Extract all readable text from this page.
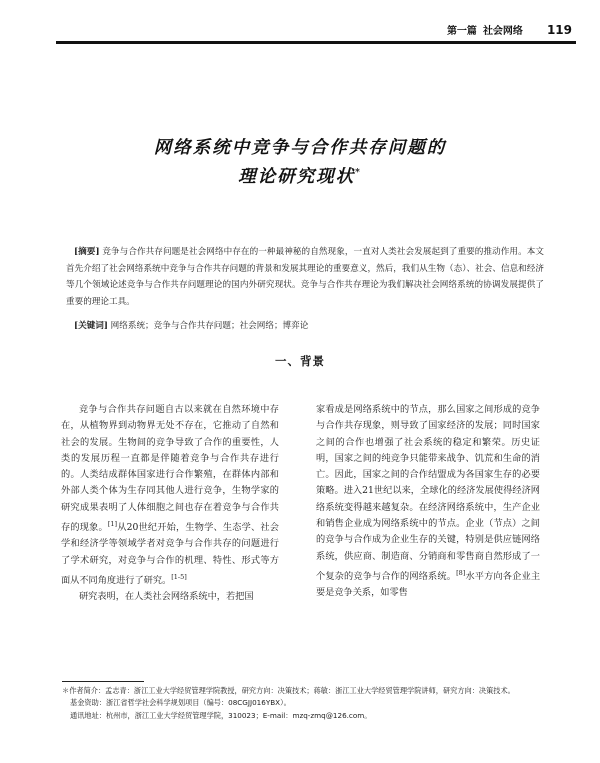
第一篇 社会网络 119
网络系统中竞争与合作共存问题的
理论研究现状*
[摘要] 竞争与合作共存问题是社会网络中存在的一种最神秘的自然现象，一直对人类社会发展起到了重要的推动作用。本文首先介绍了社会网络系统中竞争与合作共存问题的背景和发展其理论的重要意义，然后，我们从生物（态）、社会、信息和经济等几个领域论述竞争与合作共存问题理论的国内外研究现状。竞争与合作共存理论为我们解决社会网络系统的协调发展提供了重要的理论工具。
[关键词] 网络系统；竞争与合作共存问题；社会网络；博弈论
一、背景

竞争与合作共存问题自古以来就在自然环境中存在，从植物界到动物界无处不存在，它推动了自然和社会的发展。生物间的竞争导致了合作的重要性，人类的发展历程一直都是伴随着竞争与合作共存进行的。人类结成群体国家进行合作繁殖，在群体内部和外部人类个体为生存同其他人进行竞争，生物学家的研究成果表明了人体细胞之间也存在着竞争与合作共存的现象。[1]从20世纪开始，生物学、生态学、社会学和经济学等领域学者对竞争与合作共存的问题进行了学术研究，对竞争与合作的机理、特性、形式等方面从不同角度进行了研究。[1-5]

研究表明，在人类社会网络系统中，若把国

家看成是网络系统中的节点，那么国家之间形成的竞争与合作共存现象，则导致了国家经济的发展；同时国家之间的合作也增强了社会系统的稳定和繁荣。历史证明，国家之间的纯竞争只能带来战争、饥荒和生命的消亡。因此，国家之间的合作结盟成为各国家生存的必要策略。进入21世纪以来，全球化的经济发展使得经济网络系统变得越来越复杂。在经济网络系统中，生产企业和销售企业成为网络系统中的节点。企业（节点）之间的竞争与合作成为企业生存的关键，特别是供应链网络系统，供应商、制造商、分销商和零售商自然形成了一个复杂的竞争与合作的网络系统。[8]水平方向各企业主要是竞争关系，如零售

＊作者简介：孟志青：浙江工业大学经贸管理学院教授，研究方向：决策技术；蒋敏：浙江工业大学经贸管理学院讲师，研究方向：决策技术。

基金资助：浙江省哲学社会科学规划项目（编号：08CGJJ016YBX）。

通讯地址：杭州市，浙江工业大学经贸管理学院，310023；E-mail：mzq-zmq@126.com。
